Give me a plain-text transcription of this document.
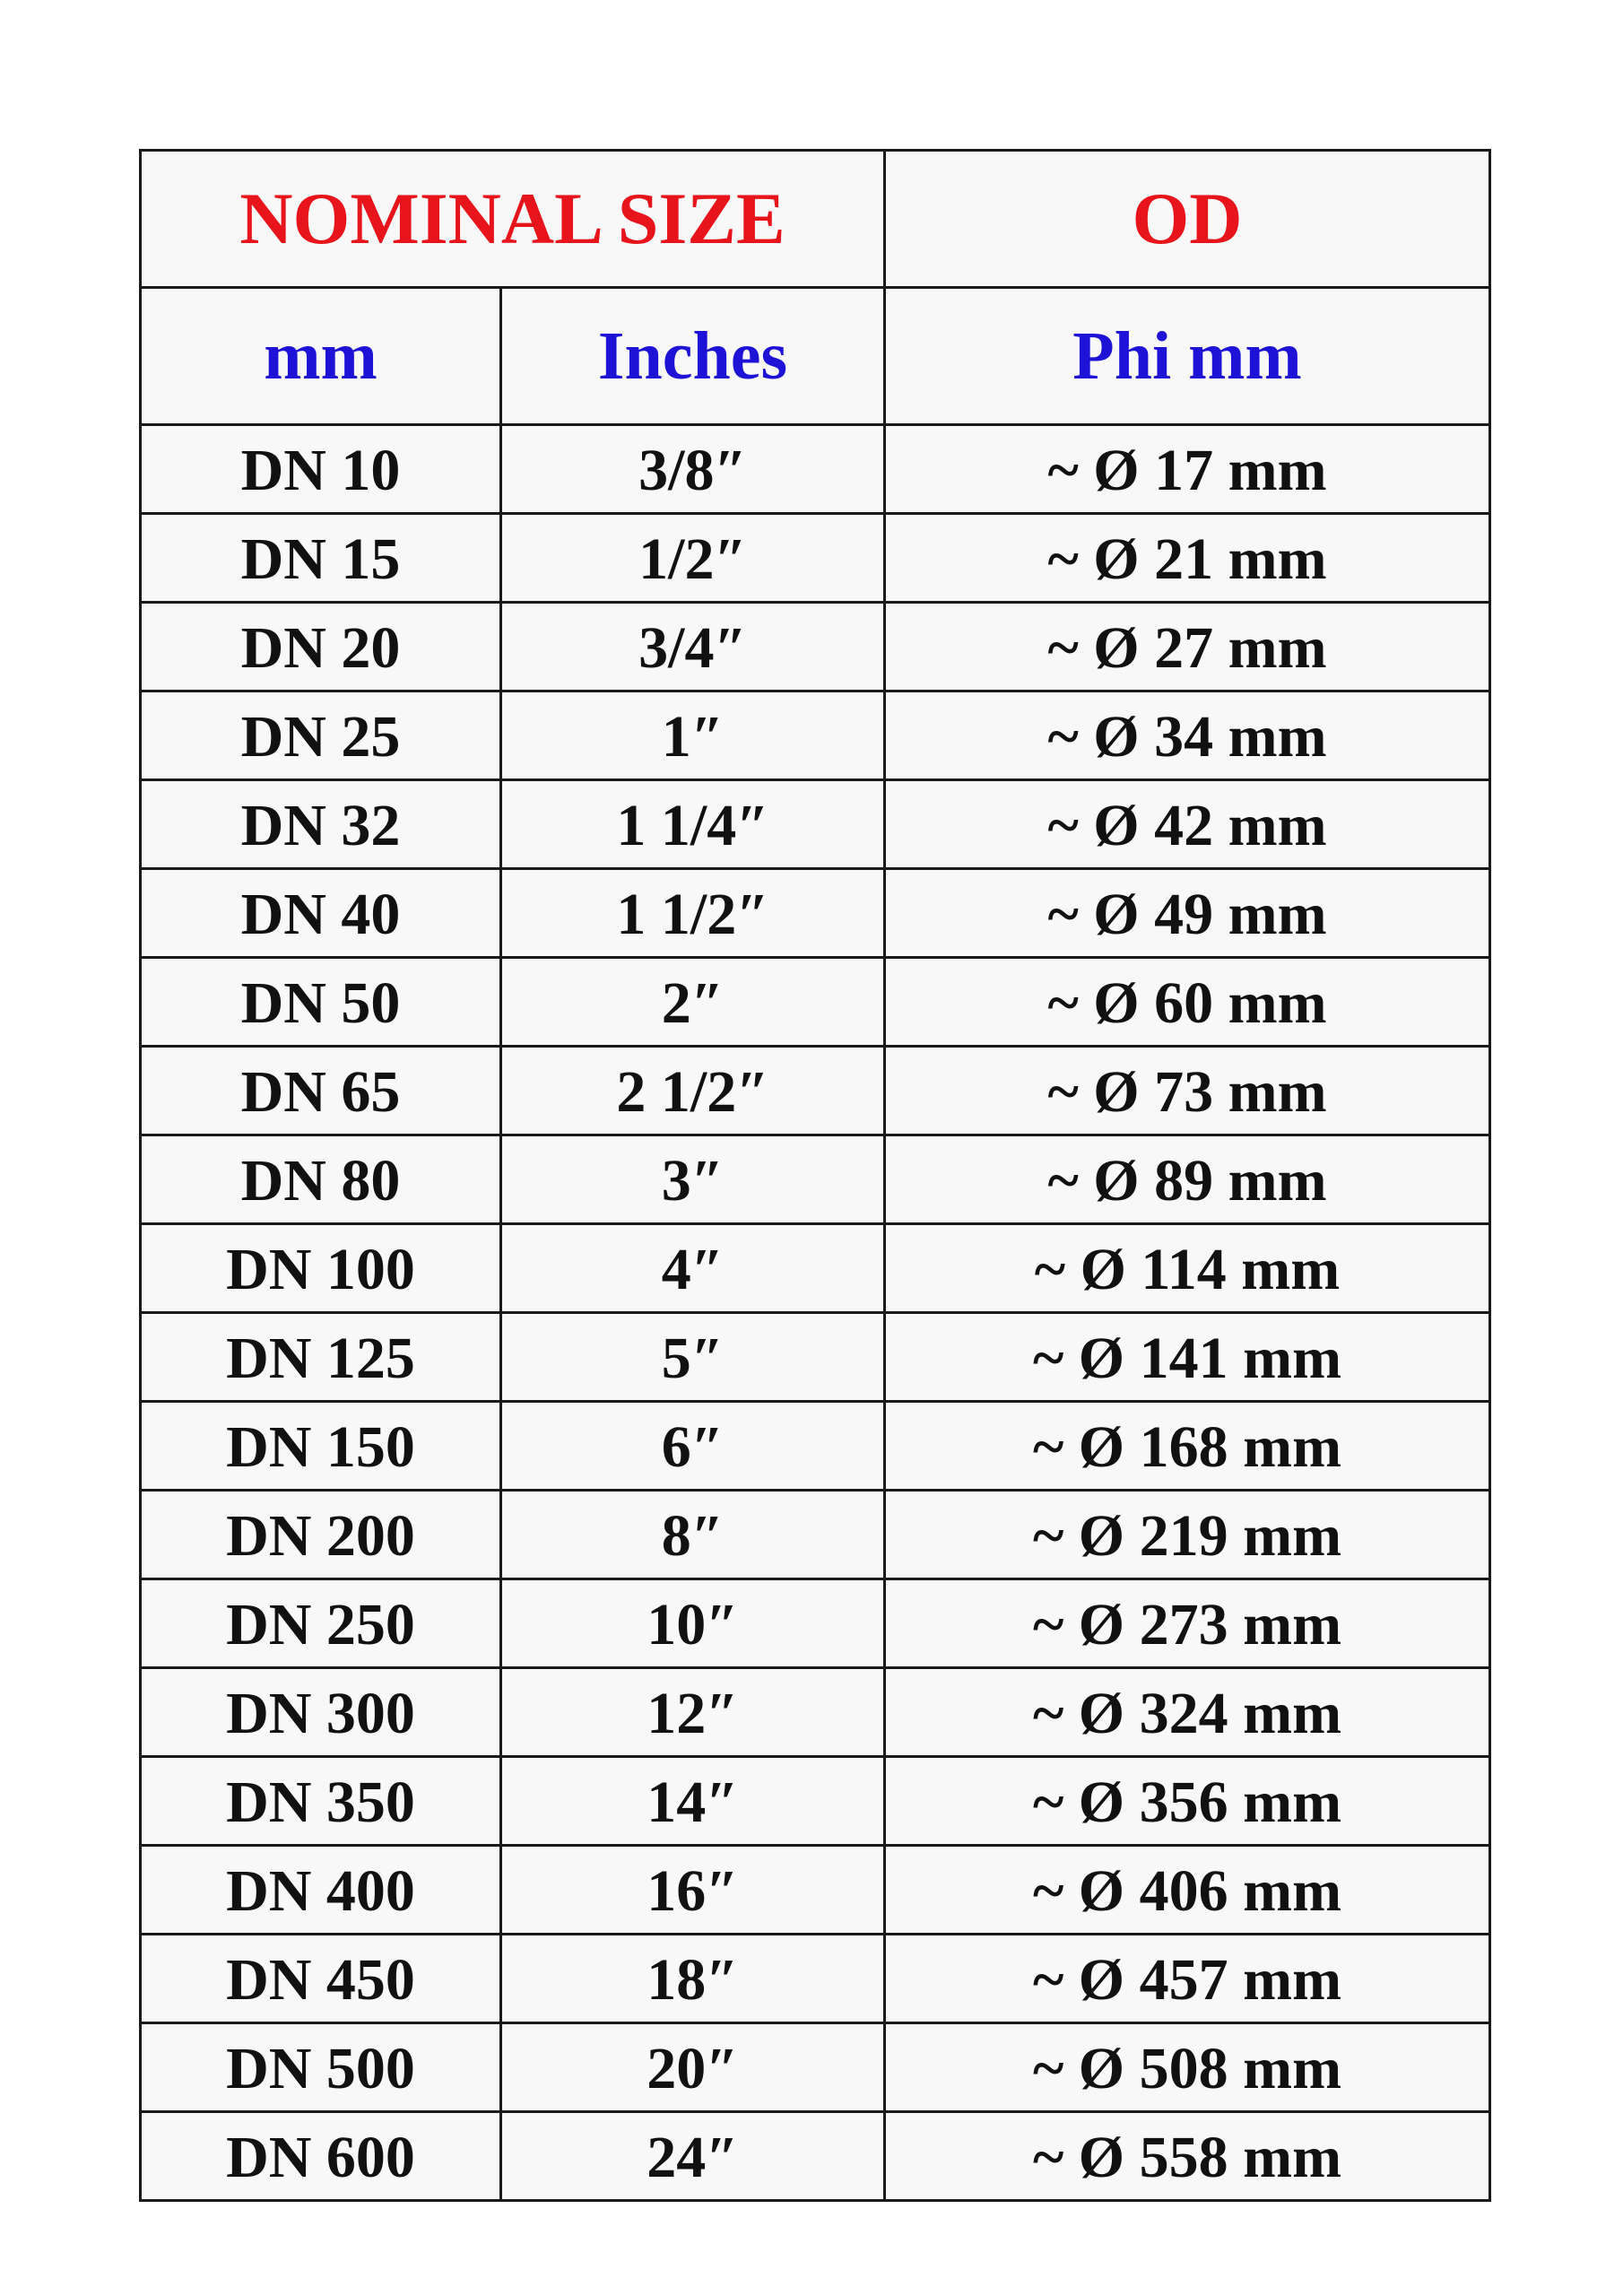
NOMINAL SIZE		OD
mm	Inches	Phi mm
DN 10	3/8″	~ Ø 17 mm
DN 15	1/2″	~ Ø 21 mm
DN 20	3/4″	~ Ø 27 mm
DN 25	1″	~ Ø 34 mm
DN 32	1 1/4″	~ Ø 42 mm
DN 40	1 1/2″	~ Ø 49 mm
DN 50	2″	~ Ø 60 mm
DN 65	2 1/2″	~ Ø 73 mm
DN 80	3″	~ Ø 89 mm
DN 100	4″	~ Ø 114 mm
DN 125	5″	~ Ø 141 mm
DN 150	6″	~ Ø 168 mm
DN 200	8″	~ Ø 219 mm
DN 250	10″	~ Ø 273 mm
DN 300	12″	~ Ø 324 mm
DN 350	14″	~ Ø 356 mm
DN 400	16″	~ Ø 406 mm
DN 450	18″	~ Ø 457 mm
DN 500	20″	~ Ø 508 mm
DN 600	24″	~ Ø 558 mm
